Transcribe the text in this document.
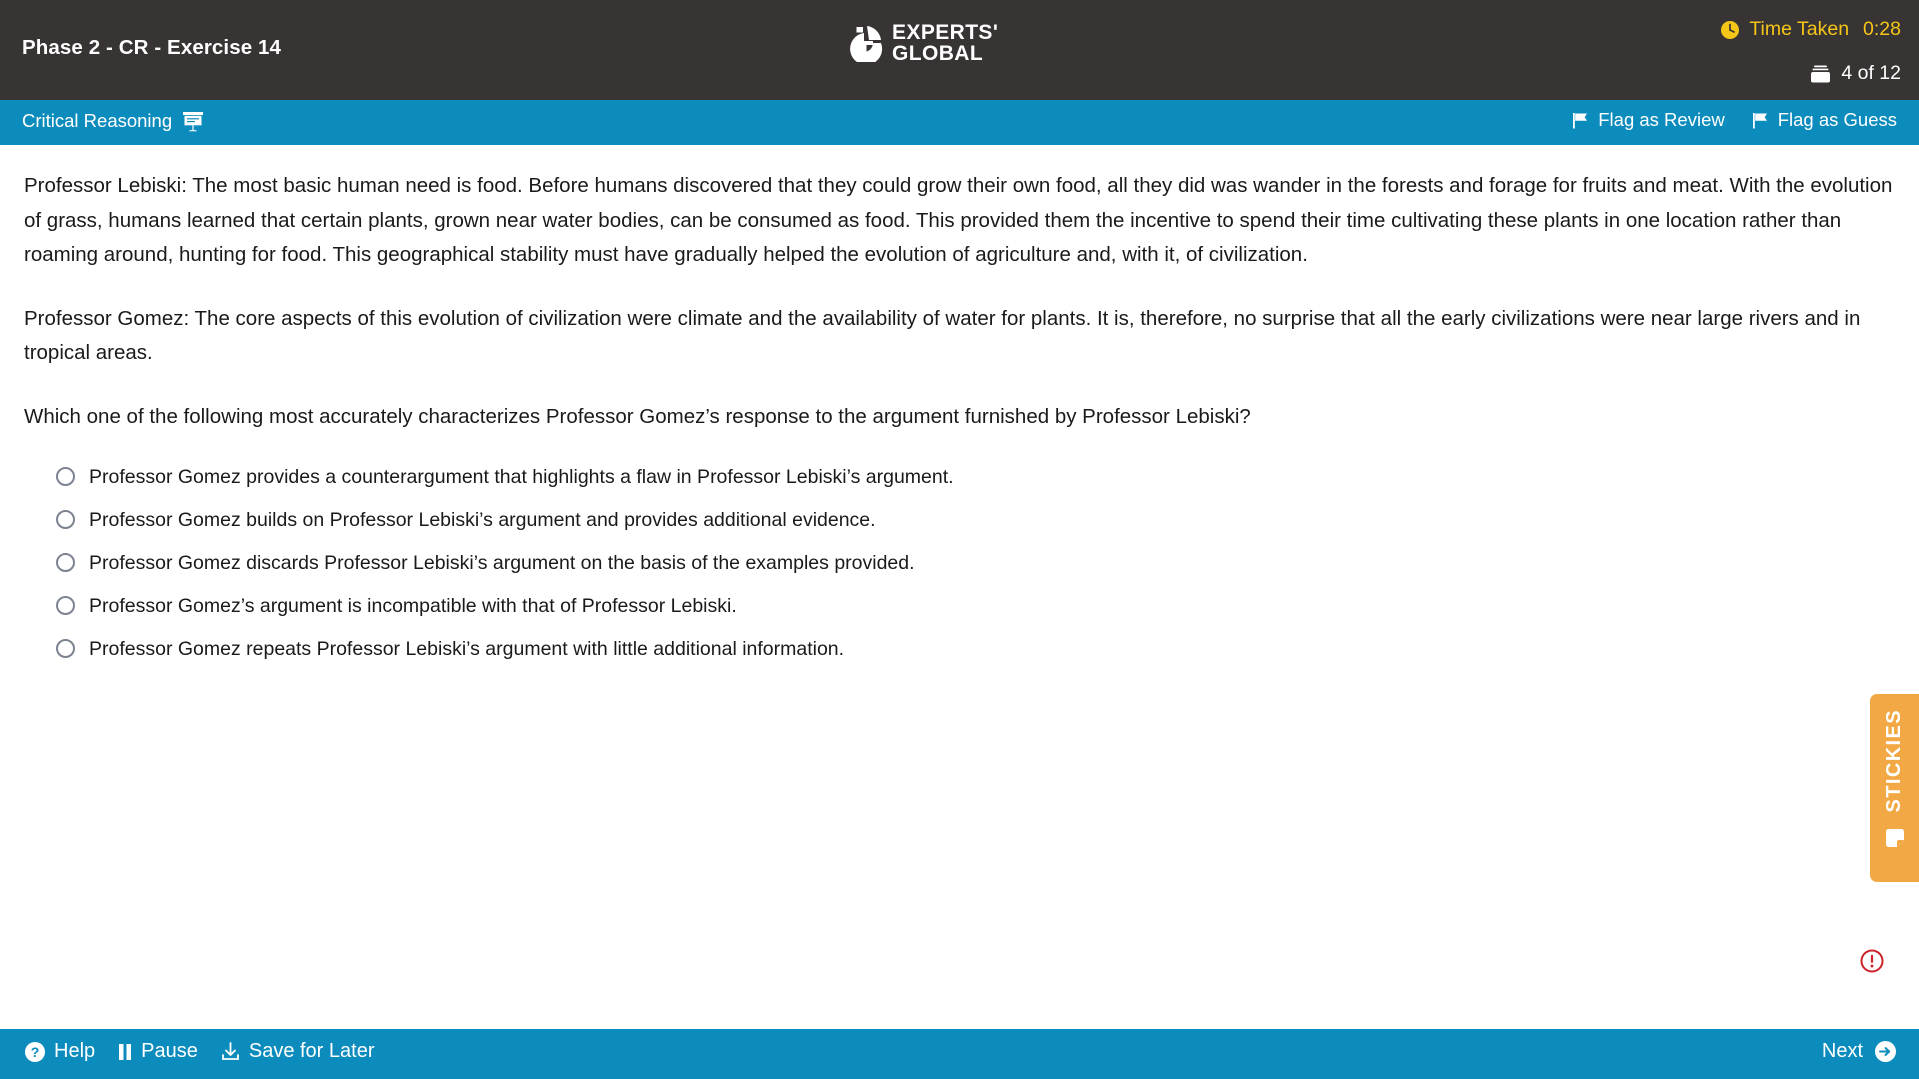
Phase 2 - CR - Exercise 14
EXPERTS'
GLOBAL
Time Taken 0:28
4 of 12
Critical Reasoning	Flag as Review	Flag as Guess

Professor Lebiski: The most basic human need is food. Before humans discovered that they could grow their own food, all they did was wander in the forests and forage for fruits and meat. With the evolution of grass, humans learned that certain plants, grown near water bodies, can be consumed as food. This provided them the incentive to spend their time cultivating these plants in one location rather than roaming around, hunting for food. This geographical stability must have gradually helped the evolution of agriculture and, with it, of civilization.

Professor Gomez: The core aspects of this evolution of civilization were climate and the availability of water for plants. It is, therefore, no surprise that all the early civilizations were near large rivers and in tropical areas.

Which one of the following most accurately characterizes Professor Gomez’s response to the argument furnished by Professor Lebiski?

Professor Gomez provides a counterargument that highlights a flaw in Professor Lebiski’s argument.
Professor Gomez builds on Professor Lebiski’s argument and provides additional evidence.
Professor Gomez discards Professor Lebiski’s argument on the basis of the examples provided.
Professor Gomez’s argument is incompatible with that of Professor Lebiski.
Professor Gomez repeats Professor Lebiski’s argument with little additional information.
STICKIES
? Help Pause	Save for Later	Next
